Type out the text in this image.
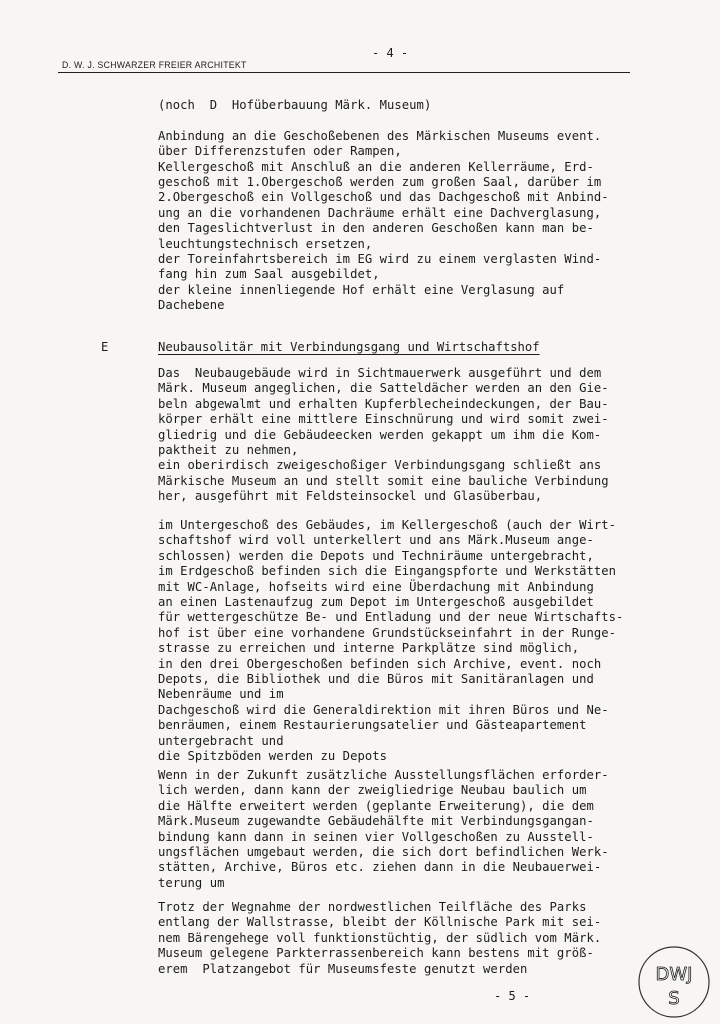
- 4 -
D. W. J. SCHWARZER FREIER ARCHITEKT
(noch  D  Hofüberbauung Märk. Museum)

Anbindung an die Geschoßebenen des Märkischen Museums event.
über Differenzstufen oder Rampen,
Kellergeschoß mit Anschluß an die anderen Kellerräume, Erd-
geschoß mit 1.Obergeschoß werden zum großen Saal, darüber im
2.Obergeschoß ein Vollgeschoß und das Dachgeschoß mit Anbind-
ung an die vorhandenen Dachräume erhält eine Dachverglasung,
den Tageslichtverlust in den anderen Geschoßen kann man be-
leuchtungstechnisch ersetzen,
der Toreinfahrtsbereich im EG wird zu einem verglasten Wind-
fang hin zum Saal ausgebildet,
der kleine innenliegende Hof erhält eine Verglasung auf
Dachebene
E	Neubausolitär mit Verbindungsgang und Wirtschaftshof
Das  Neubaugebäude wird in Sichtmauerwerk ausgeführt und dem
Märk. Museum angeglichen, die Satteldächer werden an den Gie-
beln abgewalmt und erhalten Kupferblecheindeckungen, der Bau-
körper erhält eine mittlere Einschnürung und wird somit zwei-
gliedrig und die Gebäudeecken werden gekappt um ihm die Kom-
paktheit zu nehmen,
ein oberirdisch zweigeschoßiger Verbindungsgang schließt ans
Märkische Museum an und stellt somit eine bauliche Verbindung
her, ausgeführt mit Feldsteinsockel und Glasüberbau,
im Untergeschoß des Gebäudes, im Kellergeschoß (auch der Wirt-
schaftshof wird voll unterkellert und ans Märk.Museum ange-
schlossen) werden die Depots und Techniräume untergebracht,
im Erdgeschoß befinden sich die Eingangspforte und Werkstätten
mit WC-Anlage, hofseits wird eine Überdachung mit Anbindung
an einen Lastenaufzug zum Depot im Untergeschoß ausgebildet
für wettergeschütze Be- und Entladung und der neue Wirtschafts-
hof ist über eine vorhandene Grundstückseinfahrt in der Runge-
strasse zu erreichen und interne Parkplätze sind möglich,
in den drei Obergeschoßen befinden sich Archive, event. noch
Depots, die Bibliothek und die Büros mit Sanitäranlagen und
Nebenräume und im
Dachgeschoß wird die Generaldirektion mit ihren Büros und Ne-
benräumen, einem Restaurierungsatelier und Gästeapartement
untergebracht und
die Spitzböden werden zu Depots
Wenn in der Zukunft zusätzliche Ausstellungsflächen erforder-
lich werden, dann kann der zweigliedrige Neubau baulich um
die Hälfte erweitert werden (geplante Erweiterung), die dem
Märk.Museum zugewandte Gebäudehälfte mit Verbindungsgangan-
bindung kann dann in seinen vier Vollgeschoßen zu Ausstell-
ungsflächen umgebaut werden, die sich dort befindlichen Werk-
stätten, Archive, Büros etc. ziehen dann in die Neubauerwei-
terung um
Trotz der Wegnahme der nordwestlichen Teilfläche des Parks
entlang der Wallstrasse, bleibt der Köllnische Park mit sei-
nem Bärengehege voll funktionstüchtig, der südlich vom Märk.
Museum gelegene Parkterrassenbereich kann bestens mit größ-
erem  Platzangebot für Museumsfeste genutzt werden
- 5 -
DWJ
S
